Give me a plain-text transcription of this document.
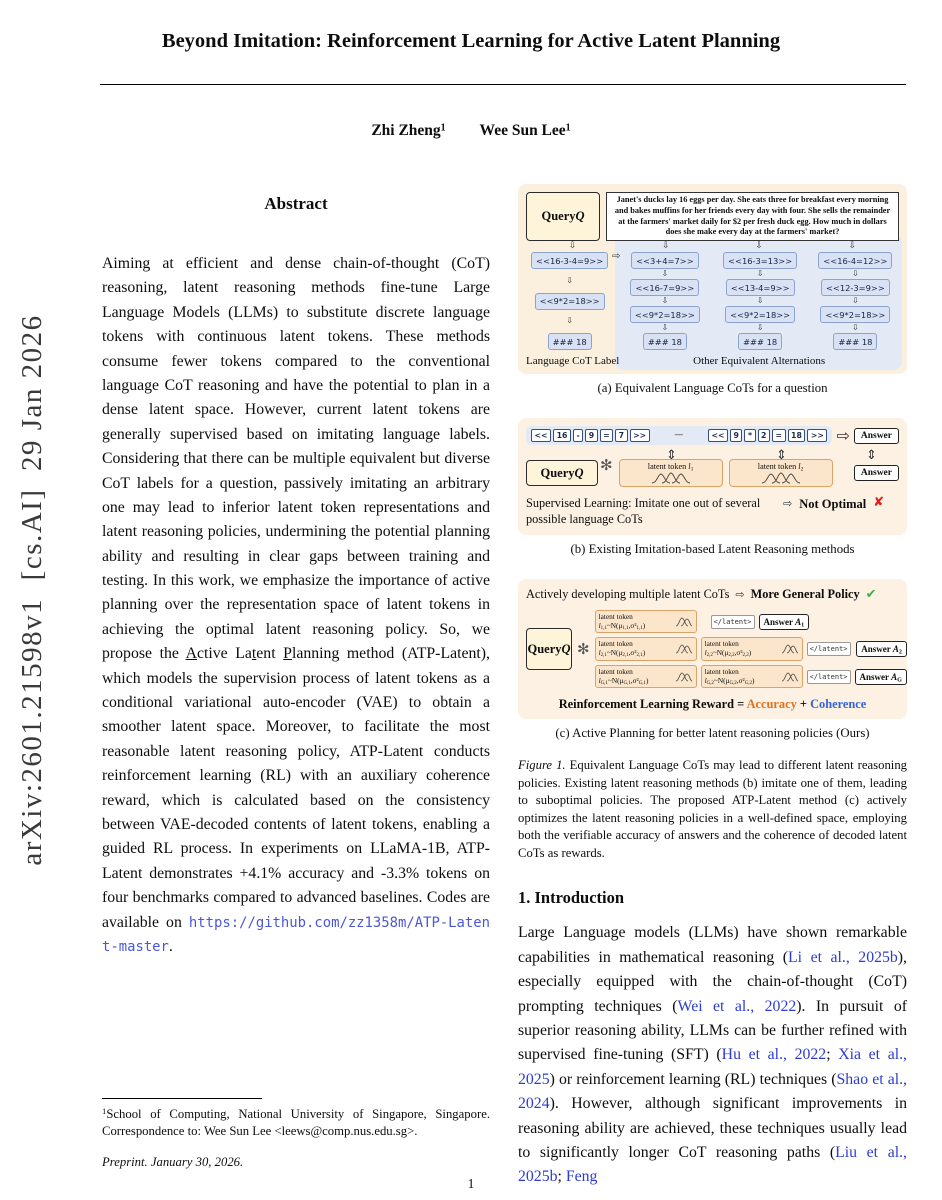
arXiv:2601.21598v1  [cs.AI]  29 Jan 2026
Beyond Imitation: Reinforcement Learning for Active Latent Planning
Zhi Zheng$^1$ Wee Sun Lee$^1$
Abstract

Aiming at efficient and dense chain-of-thought (CoT) reasoning, latent reasoning methods fine-tune Large Language Models (LLMs) to substitute discrete language tokens with continuous latent tokens. These methods consume fewer tokens compared to the conventional language CoT reasoning and have the potential to plan in a dense latent space. However, current latent tokens are generally supervised based on imitating language labels. Considering that there can be multiple equivalent but diverse CoT labels for a question, passively imitating an arbitrary one may lead to inferior latent token representations and latent reasoning policies, undermining the potential planning ability and resulting in clear gaps between training and testing. In this work, we emphasize the importance of active planning over the representation space of latent tokens in achieving the optimal latent reasoning policy. So, we propose the Active Latent Planning method (ATP-Latent), which models the supervision process of latent tokens as a conditional variational auto-encoder (VAE) to obtain a smoother latent space. Moreover, to facilitate the most reasonable latent reasoning policy, ATP-Latent conducts reinforcement learning (RL) with an auxiliary coherence reward, which is calculated based on the consistency between VAE-decoded contents of latent tokens, enabling a guided RL process. In experiments on LLaMA-1B, ATP-Latent demonstrates +4.1% accuracy and -3.3% tokens on four benchmarks compared to advanced baselines. Codes are available on https://github.com/zz1358m/ATP-Latent-master.

$^1$School of Computing, National University of Singapore, Singapore. Correspondence to: Wee Sun Lee <leews@comp.nus.edu.sg>.

Preprint. January 30, 2026.

Query Q
Janet's ducks lay 16 eggs per day. She eats three for breakfast every morning and bakes muffins for her friends every day with four. She sells the remainder at the farmers' market daily for $2 per fresh duck egg. How much in dollars does she make every day at the farmers' market?
⇩	⇩	⇩	⇩
⇨
<<16-3-4=9>>
⇩
<<9*2=18>>
⇩
### 18
<<3+4=7>>
⇩
<<16-7=9>>
⇩
<<9*2=18>>
⇩
### 18
<<16-3=13>>
⇩
<<13-4=9>>
⇩
<<9*2=18>>
⇩
### 18
<<16-4=12>>
⇩
<<12-3=9>>
⇩
<<9*2=18>>
⇩
### 18
Language CoT Label	Other Equivalent Alternations
(a) Equivalent Language CoTs for a question
<<	16	-	9	=	7	>>	—	<<	9	*	2	=	18	>> ⇨	Answer
⇕	⇕	⇕
Query Q ✻	latent token $l_1$	latent token $l_2$	Answer
Supervised Learning: Imitate one out of several possible language CoTs
⇨ Not Optimal ✘
(b) Existing Imitation-based Latent Reasoning methods
Actively developing multiple latent CoTs ⇨ More General Policy ✔
Query Q ✻
latent token $l_{1,1}\sim N(\mu_{1,1},\sigma^2_{1,1})$	</latent>	Answer $A_1$
latent token $l_{2,1}\sim N(\mu_{2,1},\sigma^2_{2,1})$
latent token $l_{2,2}\sim N(\mu_{2,2},\sigma^2_{2,2})$	</latent>	Answer $A_2$
latent token $l_{G,1}\sim N(\mu_{G,1},\sigma^2_{G,1})$
latent token $l_{G,2}\sim N(\mu_{G,2},\sigma^2_{G,2})$	</latent>	Answer $A_G$
Reinforcement Learning Reward = Accuracy + Coherence
(c) Active Planning for better latent reasoning policies (Ours)
Figure 1. Equivalent Language CoTs may lead to different latent reasoning policies. Existing latent reasoning methods (b) imitate one of them, leading to suboptimal policies. The proposed ATP-Latent method (c) actively optimizes the latent reasoning policies in a well-defined space, employing both the verifiable accuracy of answers and the coherence of decoded latent CoTs as rewards.
1. Introduction

Large Language models (LLMs) have shown remarkable capabilities in mathematical reasoning (Li et al., 2025b), especially equipped with the chain-of-thought (CoT) prompting techniques (Wei et al., 2022). In pursuit of superior reasoning ability, LLMs can be further refined with supervised fine-tuning (SFT) (Hu et al., 2022; Xia et al., 2025) or reinforcement learning (RL) techniques (Shao et al., 2024). However, although significant improvements in reasoning ability are achieved, these techniques usually lead to significantly longer CoT reasoning paths (Liu et al., 2025b; Feng

1
